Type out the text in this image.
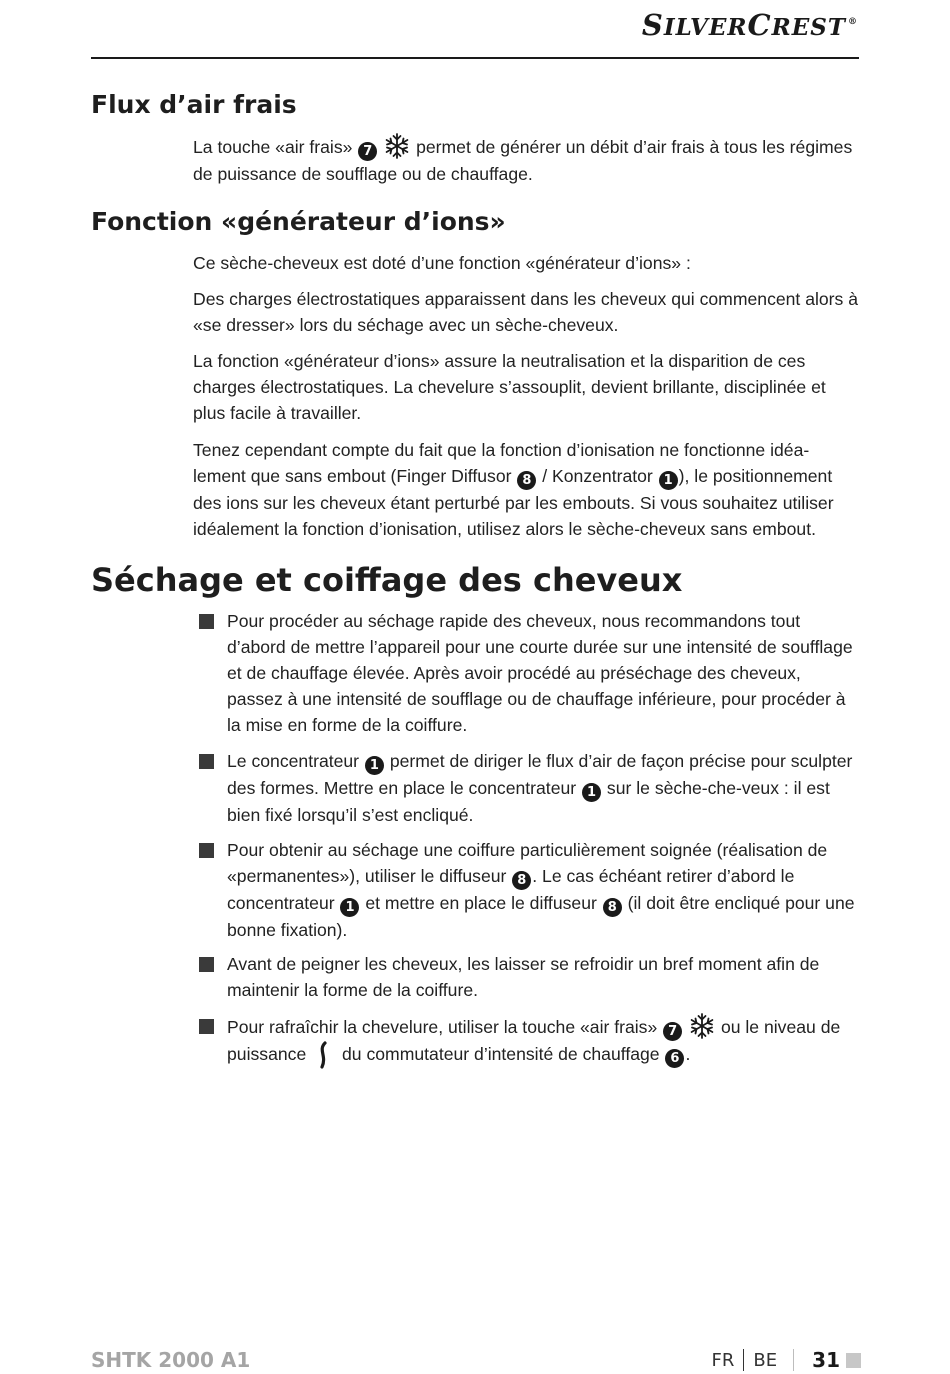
SILVERCREST ®
Flux d’air frais

La touche «air frais» 7 permet de générer un débit d’air frais à tous les régimes de puissance de soufflage ou de chauffage.

Fonction «générateur d’ions»

Ce sèche-cheveux est doté d’une fonction «générateur d’ions» :

Des charges électrostatiques apparaissent dans les cheveux qui commencent alors à «se dresser» lors du séchage avec un sèche-cheveux.

La fonction «générateur d’ions» assure la neutralisation et la disparition de ces charges électrostatiques. La chevelure s’assouplit, devient brillante, disciplinée et plus facile à travailler.

Tenez cependant compte du fait que la fonction d’ionisation ne fonctionne idéa-lement que sans embout (Finger Diffusor 8 / Konzentrator 1 ), le positionnement des ions sur les cheveux étant perturbé par les embouts. Si vous souhaitez utiliser idéalement la fonction d’ionisation, utilisez alors le sèche-cheveux sans embout.

Séchage et coiffage des cheveux
Pour procéder au séchage rapide des cheveux, nous recommandons tout d’abord de mettre l’appareil pour une courte durée sur une intensité de soufflage et de chauffage élevée. Après avoir procédé au préséchage des cheveux, passez à une intensité de soufflage ou de chauffage inférieure, pour procéder à la mise en forme de la coiffure.
Le concentrateur 1 permet de diriger le flux d’air de façon précise pour sculpter des formes. Mettre en place le concentrateur 1 sur le sèche-che-veux : il est bien fixé lorsqu’il s’est encliqué.
Pour obtenir au séchage une coiffure particulièrement soignée (réalisation de «permanentes»), utiliser le diffuseur 8 . Le cas échéant retirer d’abord le concentrateur 1 et mettre en place le diffuseur 8 (il doit être encliqué pour une bonne fixation).
Avant de peigner les cheveux, les laisser se refroidir un bref moment afin de maintenir la forme de la coiffure.
Pour rafraîchir la chevelure, utiliser la touche «air frais» 7 ou le niveau de puissance du commutateur d’intensité de chauffage 6 .
SHTK 2000 A1	FR BE 31
